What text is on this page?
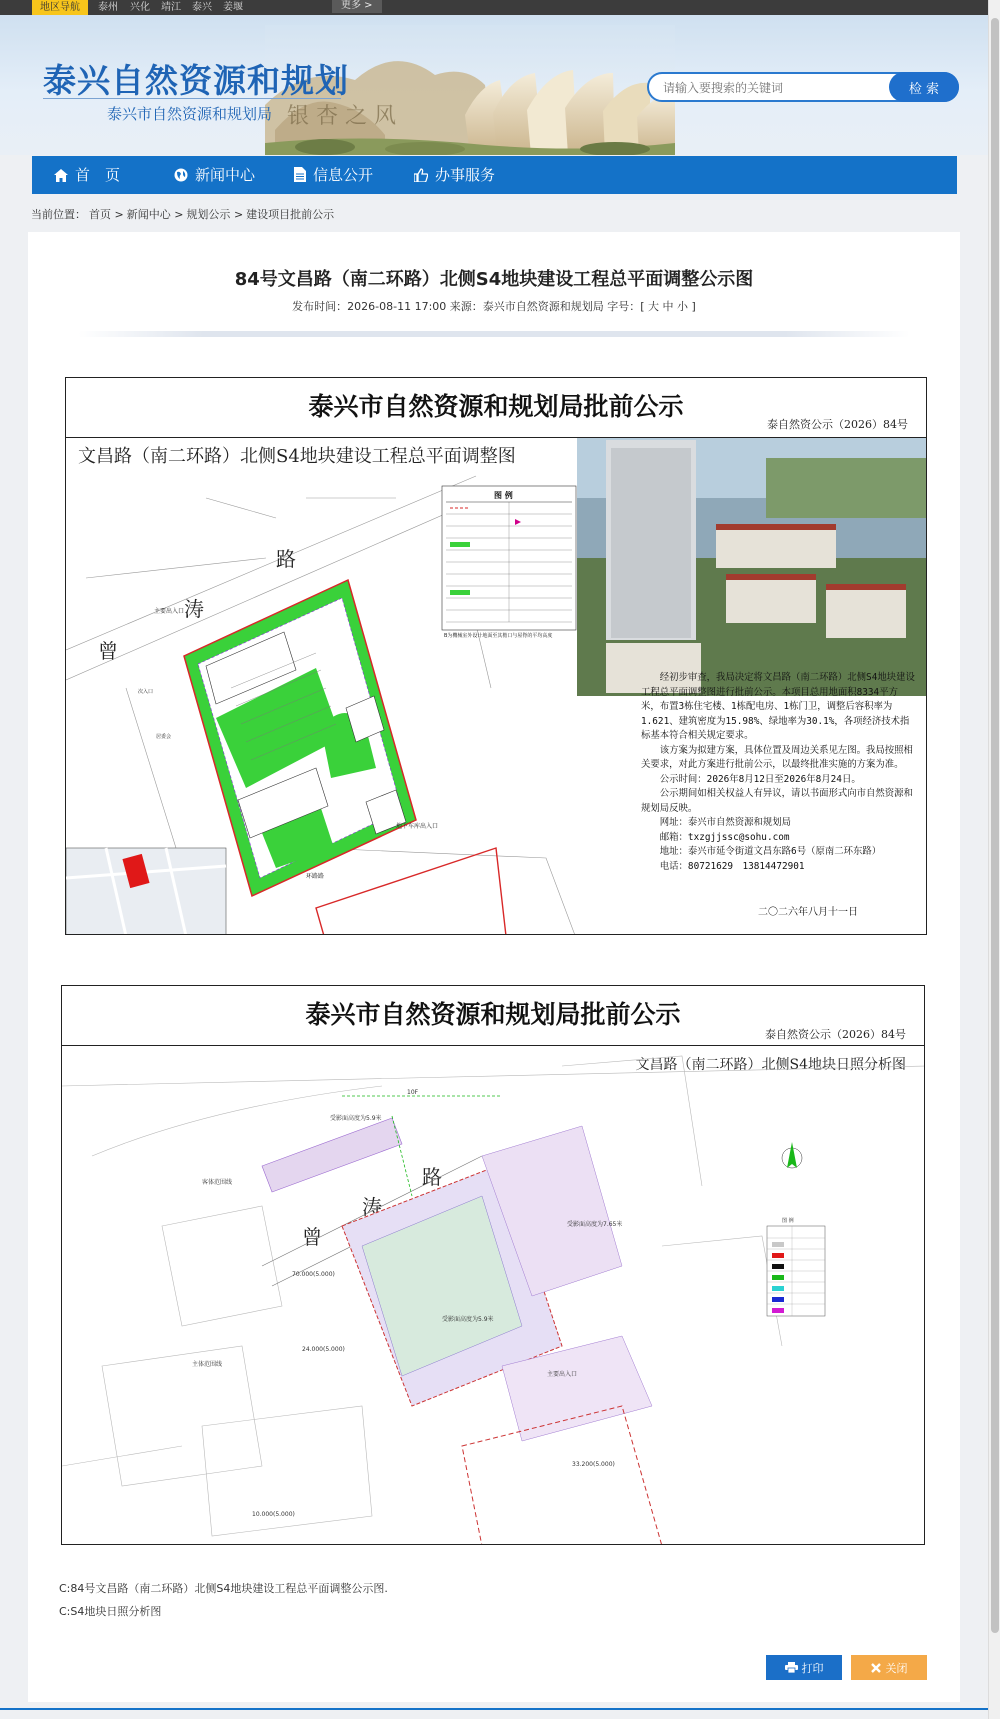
地区导航	泰州 兴化 靖江 泰兴 姜堰	更多 >
银 杏 之 风
泰兴自然资源和规划
泰兴市自然资源和规划局
请输入要搜索的关键词
检 索
首　页	新闻中心	信息公开	办事服务
当前位置： 首页 > 新闻中心 > 规划公示 > 建设项目批前公示
84号文昌路（南二环路）北侧S4地块建设工程总平面调整公示图
发布时间：2026-08-11 17:00 来源：泰兴市自然资源和规划局 字号：[ 大 中 小 ]
泰兴市自然资源和规划局批前公示
泰自然资公示（2026）84号
文昌路（南二环路）北侧S4地块建设工程总平面调整图
路
涛
曾
主要出入口
地下车库出入口
次入口
居委会
环路路
图 例
B为機械室外设计地面至其檐口与屋脊的平均高度

经初步审查，我局决定将文昌路（南二环路）北侧S4地块建设工程总平面调整图进行批前公示。本项目总用地面积8334平方米，布置3栋住宅楼、1栋配电房、1栋门卫，调整后容积率为1.621、建筑密度为15.98%、绿地率为30.1%，各项经济技术指标基本符合相关规定要求。

该方案为拟建方案，具体位置及周边关系见左图。我局按照相关要求，对此方案进行批前公示，以最终批准实施的方案为准。

公示时间：2026年8月12日至2026年8月24日。

公示期间如相关权益人有异议，请以书面形式向市自然资源和规划局反映。

网址：泰兴市自然资源和规划局
邮箱：txzgjjssc@sohu.com
地址：泰兴市延令街道文昌东路6号（原南二环东路）
电话：80721629　13814472901
二〇二六年八月十一日
泰兴市自然资源和规划局批前公示
泰自然资公示（2026）84号
文昌路（南二环路）北侧S4地块日照分析图
路
涛
曾
10F
客体范围线
主体范围线
受影面高度为5.9米
受影面高度为5.9米
受影面高度为7.65米
主要出入口
70.000(5.000)
24.000(5.000)
10.000(5.000)
33.200(5.000)
图 例
C:84号文昌路（南二环路）北侧S4地块建设工程总平面调整公示图.
C:S4地块日照分析图
打印	关闭
